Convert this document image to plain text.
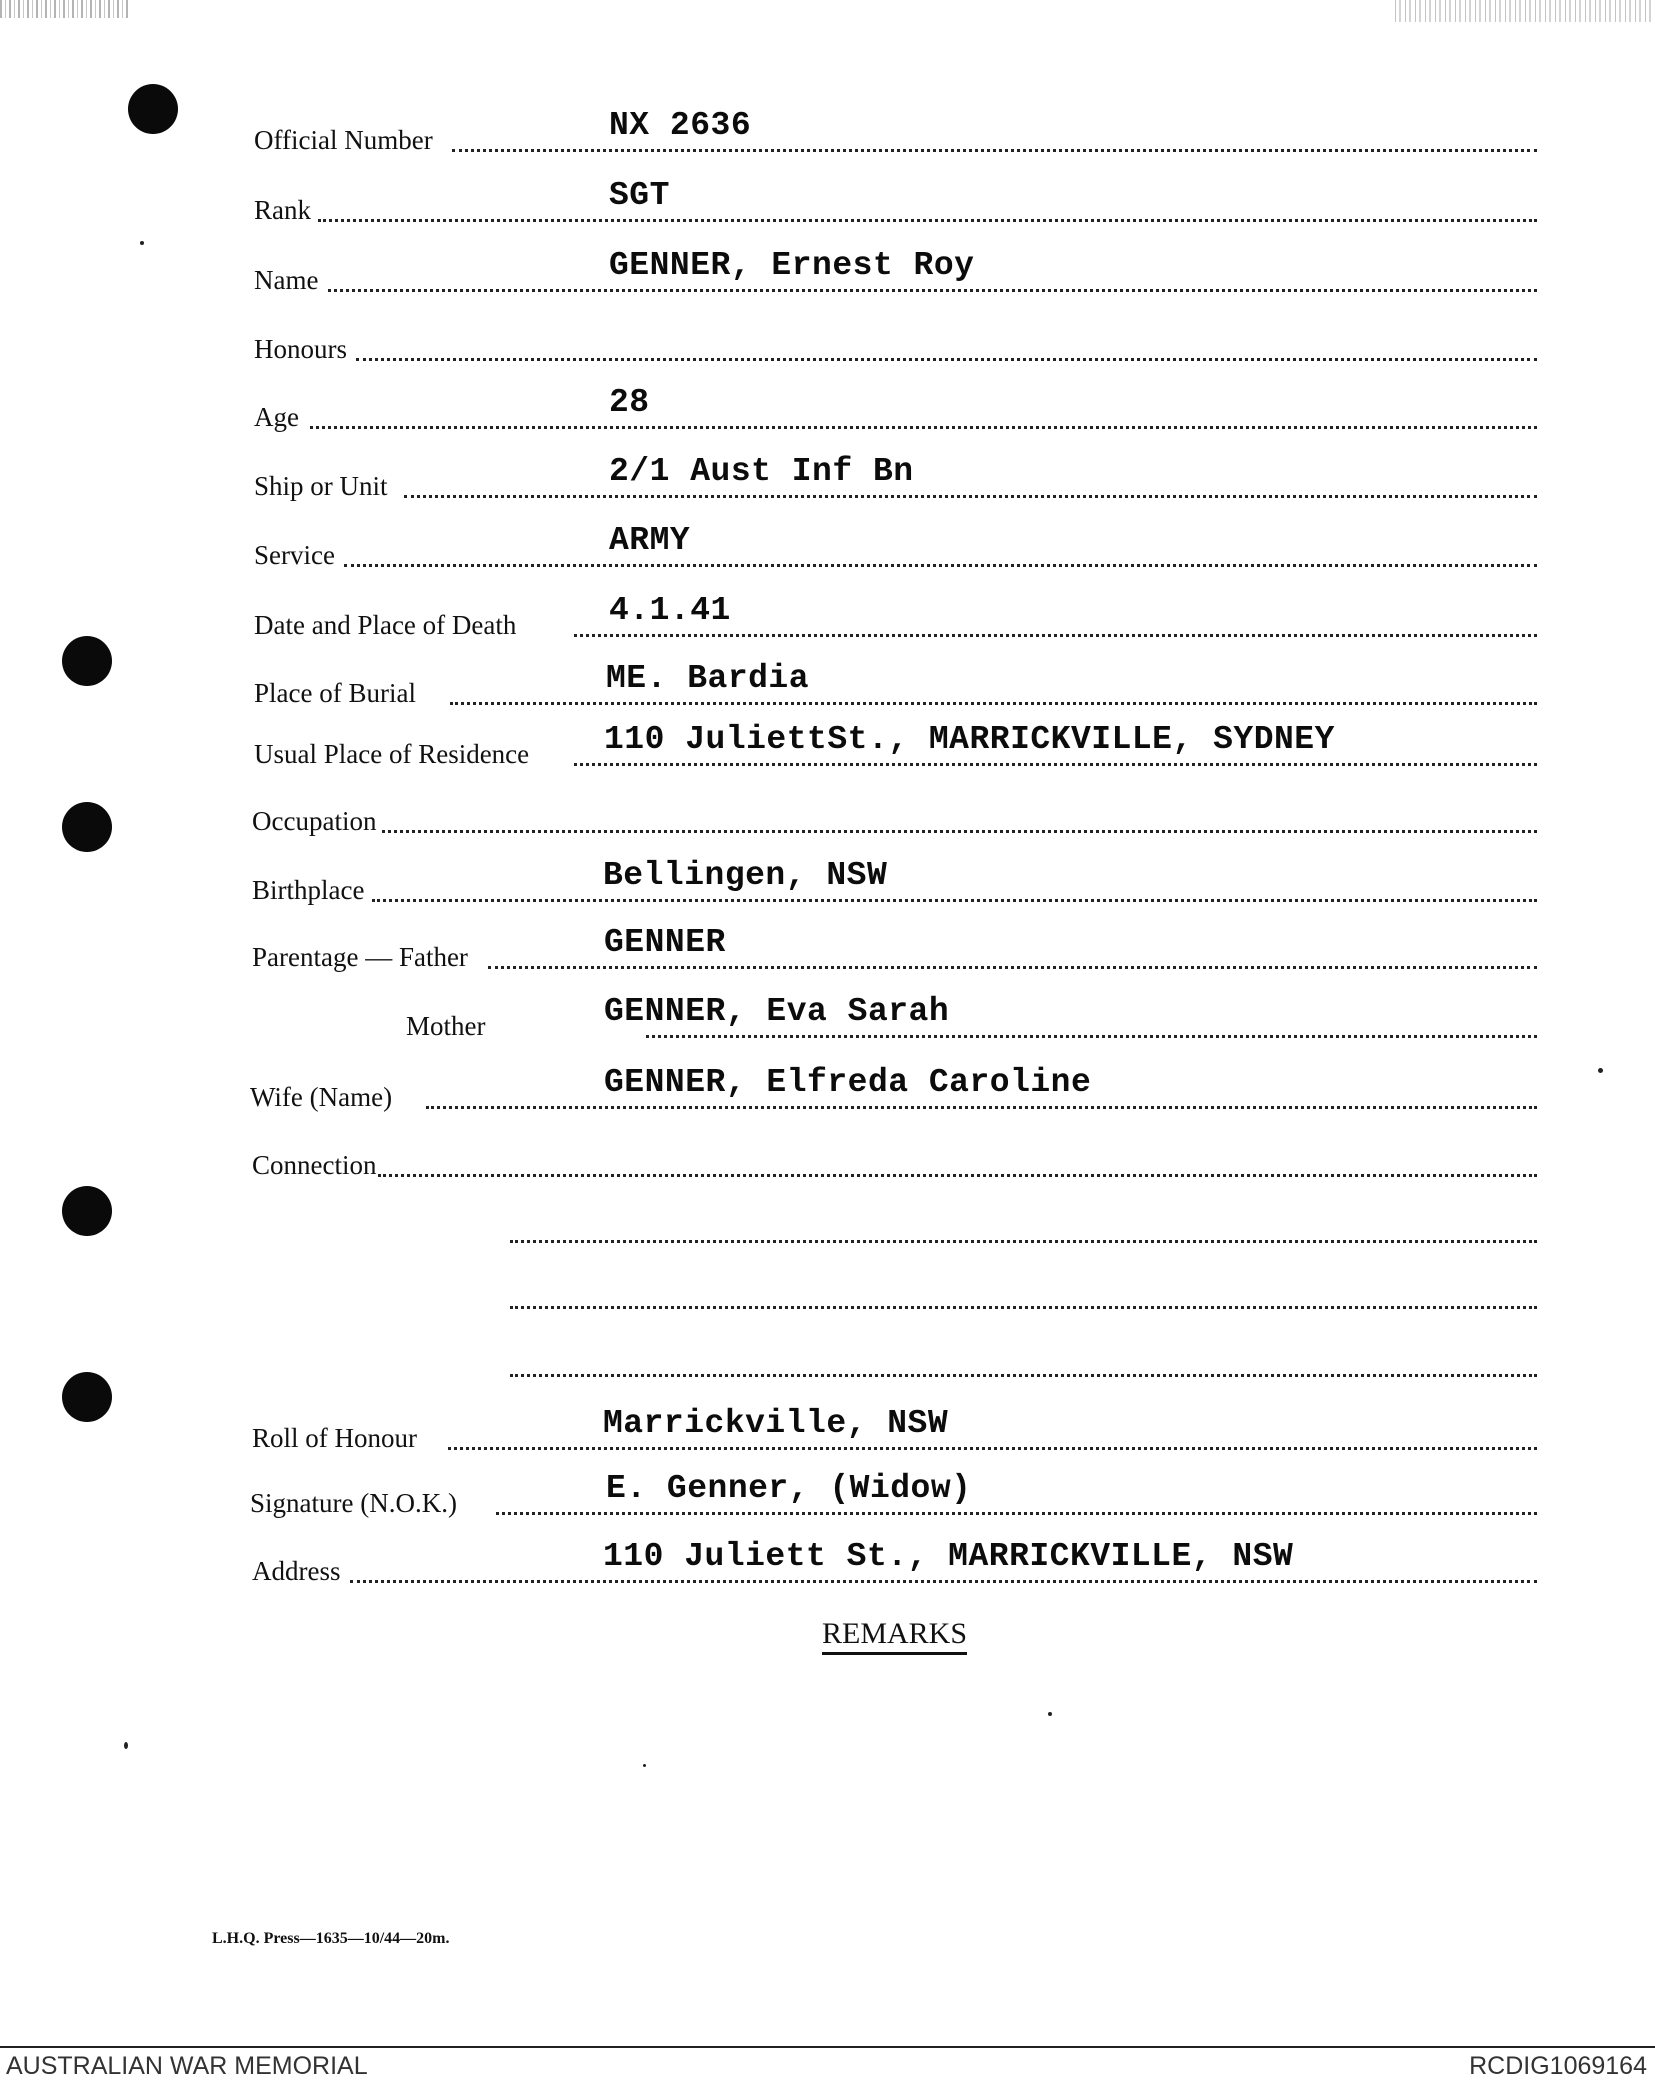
Official Number	NX 2636
Rank	SGT
Name	GENNER, Ernest Roy
Honours
Age	28
Ship or Unit	2/1 Aust Inf Bn
Service	ARMY
Date and Place of Death	4.1.41
Place of Burial	ME. Bardia
Usual Place of Residence 110 JuliettSt., MARRICKVILLE, SYDNEY
Occupation
Birthplace	Bellingen, NSW
Parentage — Father	GENNER
Mother	GENNER, Eva Sarah
Wife (Name)	GENNER, Elfreda Caroline
Connection
Roll of Honour	Marrickville, NSW
Signature (N.O.K.)	E. Genner, (Widow)
Address	110 Juliett St., MARRICKVILLE, NSW
REMARKS
L.H.Q. Press—1635—10/44—20m.
AUSTRALIAN WAR MEMORIAL	RCDIG1069164
